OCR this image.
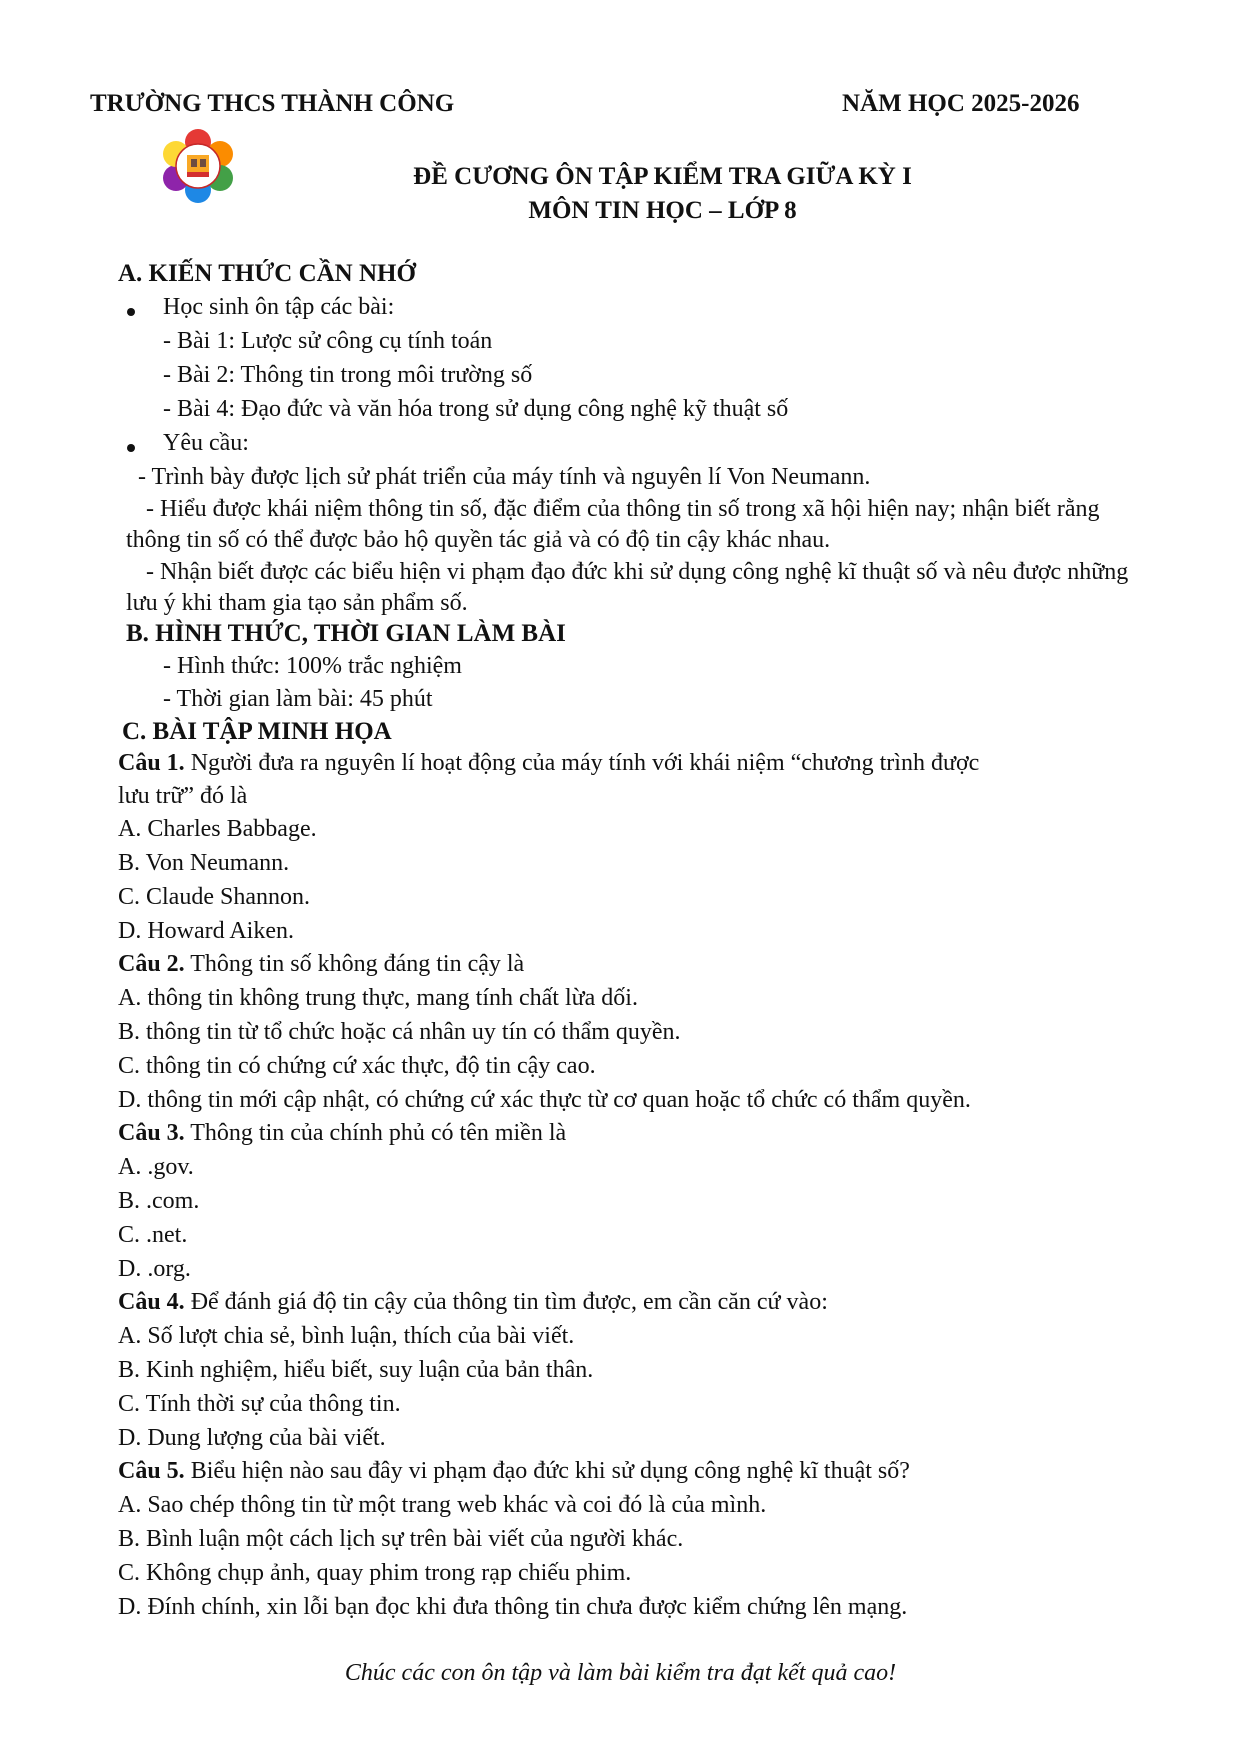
TRƯỜNG THCS THÀNH CÔNG	NĂM HỌC 2025-2026
ĐỀ CƯƠNG ÔN TẬP KIỂM TRA GIỮA KỲ I
MÔN TIN HỌC – LỚP 8
A. KIẾN THỨC CẦN NHỚ
Học sinh ôn tập các bài:
- Bài 1: Lược sử công cụ tính toán
- Bài 2: Thông tin trong môi trường số
- Bài 4: Đạo đức và văn hóa trong sử dụng công nghệ kỹ thuật số
Yêu cầu:
- Trình bày được lịch sử phát triển của máy tính và nguyên lí Von Neumann.
- Hiểu được khái niệm thông tin số, đặc điểm của thông tin số trong xã hội hiện nay; nhận biết rằng thông tin số có thể được bảo hộ quyền tác giả và có độ tin cậy khác nhau.
- Nhận biết được các biểu hiện vi phạm đạo đức khi sử dụng công nghệ kĩ thuật số và nêu được những lưu ý khi tham gia tạo sản phẩm số.
B. HÌNH THỨC, THỜI GIAN LÀM BÀI
- Hình thức: 100% trắc nghiệm
- Thời gian làm bài: 45 phút
C. BÀI TẬP MINH HỌA
Câu 1. Người đưa ra nguyên lí hoạt động của máy tính với khái niệm “chương trình được
lưu trữ” đó là
A. Charles Babbage.
B. Von Neumann.
C. Claude Shannon.
D. Howard Aiken.
Câu 2. Thông tin số không đáng tin cậy là
A. thông tin không trung thực, mang tính chất lừa dối.
B. thông tin từ tổ chức hoặc cá nhân uy tín có thẩm quyền.
C. thông tin có chứng cứ xác thực, độ tin cậy cao.
D. thông tin mới cập nhật, có chứng cứ xác thực từ cơ quan hoặc tổ chức có thẩm quyền.
Câu 3. Thông tin của chính phủ có tên miền là
A. .gov.
B. .com.
C. .net.
D. .org.
Câu 4. Để đánh giá độ tin cậy của thông tin tìm được, em cần căn cứ vào:
A. Số lượt chia sẻ, bình luận, thích của bài viết.
B. Kinh nghiệm, hiểu biết, suy luận của bản thân.
C. Tính thời sự của thông tin.
D. Dung lượng của bài viết.
Câu 5. Biểu hiện nào sau đây vi phạm đạo đức khi sử dụng công nghệ kĩ thuật số?
A. Sao chép thông tin từ một trang web khác và coi đó là của mình.
B. Bình luận một cách lịch sự trên bài viết của người khác.
C. Không chụp ảnh, quay phim trong rạp chiếu phim.
D. Đính chính, xin lỗi bạn đọc khi đưa thông tin chưa được kiểm chứng lên mạng.
Chúc các con ôn tập và làm bài kiểm tra đạt kết quả cao!
